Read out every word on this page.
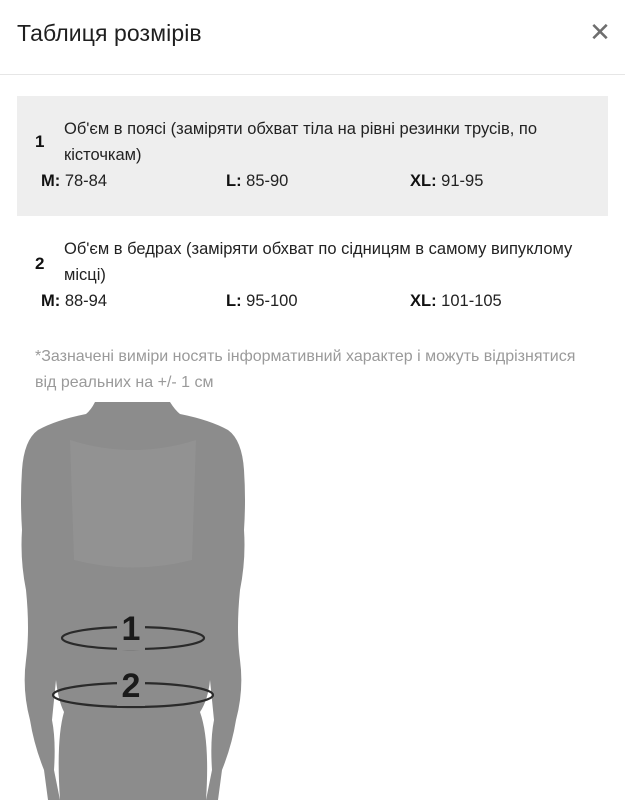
Таблиця розмірів	✕
1
Об'єм в поясі (заміряти обхват тіла на рівні резинки трусів, по кісточкам)
M: 78-84	L: 85-90	XL: 91-95
2
Об'єм в бедрах (заміряти обхват по сідницям в самому випуклому місці)
M: 88-94	L: 95-100	XL: 101-105
*Зазначені виміри носять інформативний характер і можуть відрізнятися від реальних на +/- 1 см
1
2
